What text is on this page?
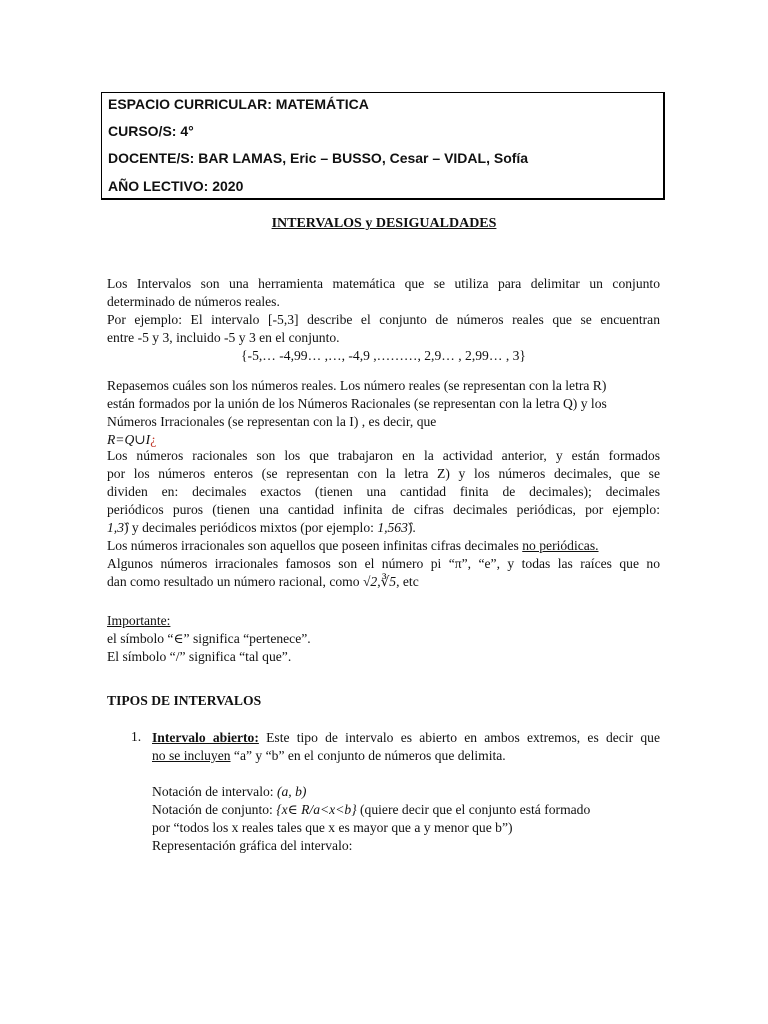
ESPACIO CURRICULAR: MATEMÁTICA
CURSO/S: 4°
DOCENTE/S: BAR LAMAS, Eric – BUSSO, Cesar – VIDAL, Sofía
AÑO LECTIVO: 2020
INTERVALOS y DESIGUALDADES

Los Intervalos son una herramienta matemática que se utiliza para delimitar un conjunto

determinado de números reales.

Por ejemplo: El intervalo [-5,3] describe el conjunto de números reales que se encuentran

entre -5 y 3, incluido -5 y 3 en el conjunto.

{-5,… -4,99… ,…, -4,9 ,………, 2,9… , 2,99… , 3}

Repasemos cuáles son los números reales. Los número reales (se representan con la letra R)

están formados por la unión de los Números Racionales (se representan con la letra Q) y los

Números Irracionales (se representan con la I) , es decir, que

R=Q∪I¿

Los números racionales son los que trabajaron en la actividad anterior, y están formados

por los números enteros (se representan con la letra Z) y los números decimales, que se

dividen en: decimales exactos (tienen una cantidad finita de decimales); decimales

periódicos puros (tienen una cantidad infinita de cifras decimales periódicas, por ejemplo:

1,3̂) y decimales periódicos mixtos (por ejemplo: 1,563̂).

Los números irracionales son aquellos que poseen infinitas cifras decimales no periódicas.

Algunos números irracionales famosos son el número pi “π”, “e”, y todas las raíces que no

dan como resultado un número racional, como √2,∛5, etc

Importante:

el símbolo “∈” significa “pertenece”.

El símbolo “/” significa “tal que”.

TIPOS DE INTERVALOS
1. Intervalo abierto: Este tipo de intervalo es abierto en ambos extremos, es decir que

no se incluyen “a” y “b” en el conjunto de números que delimita.

Notación de intervalo: (a, b)

Notación de conjunto: {x∈ R/a<x<b} (quiere decir que el conjunto está formado

por “todos los x reales tales que x es mayor que a y menor que b”)

Representación gráfica del intervalo:
